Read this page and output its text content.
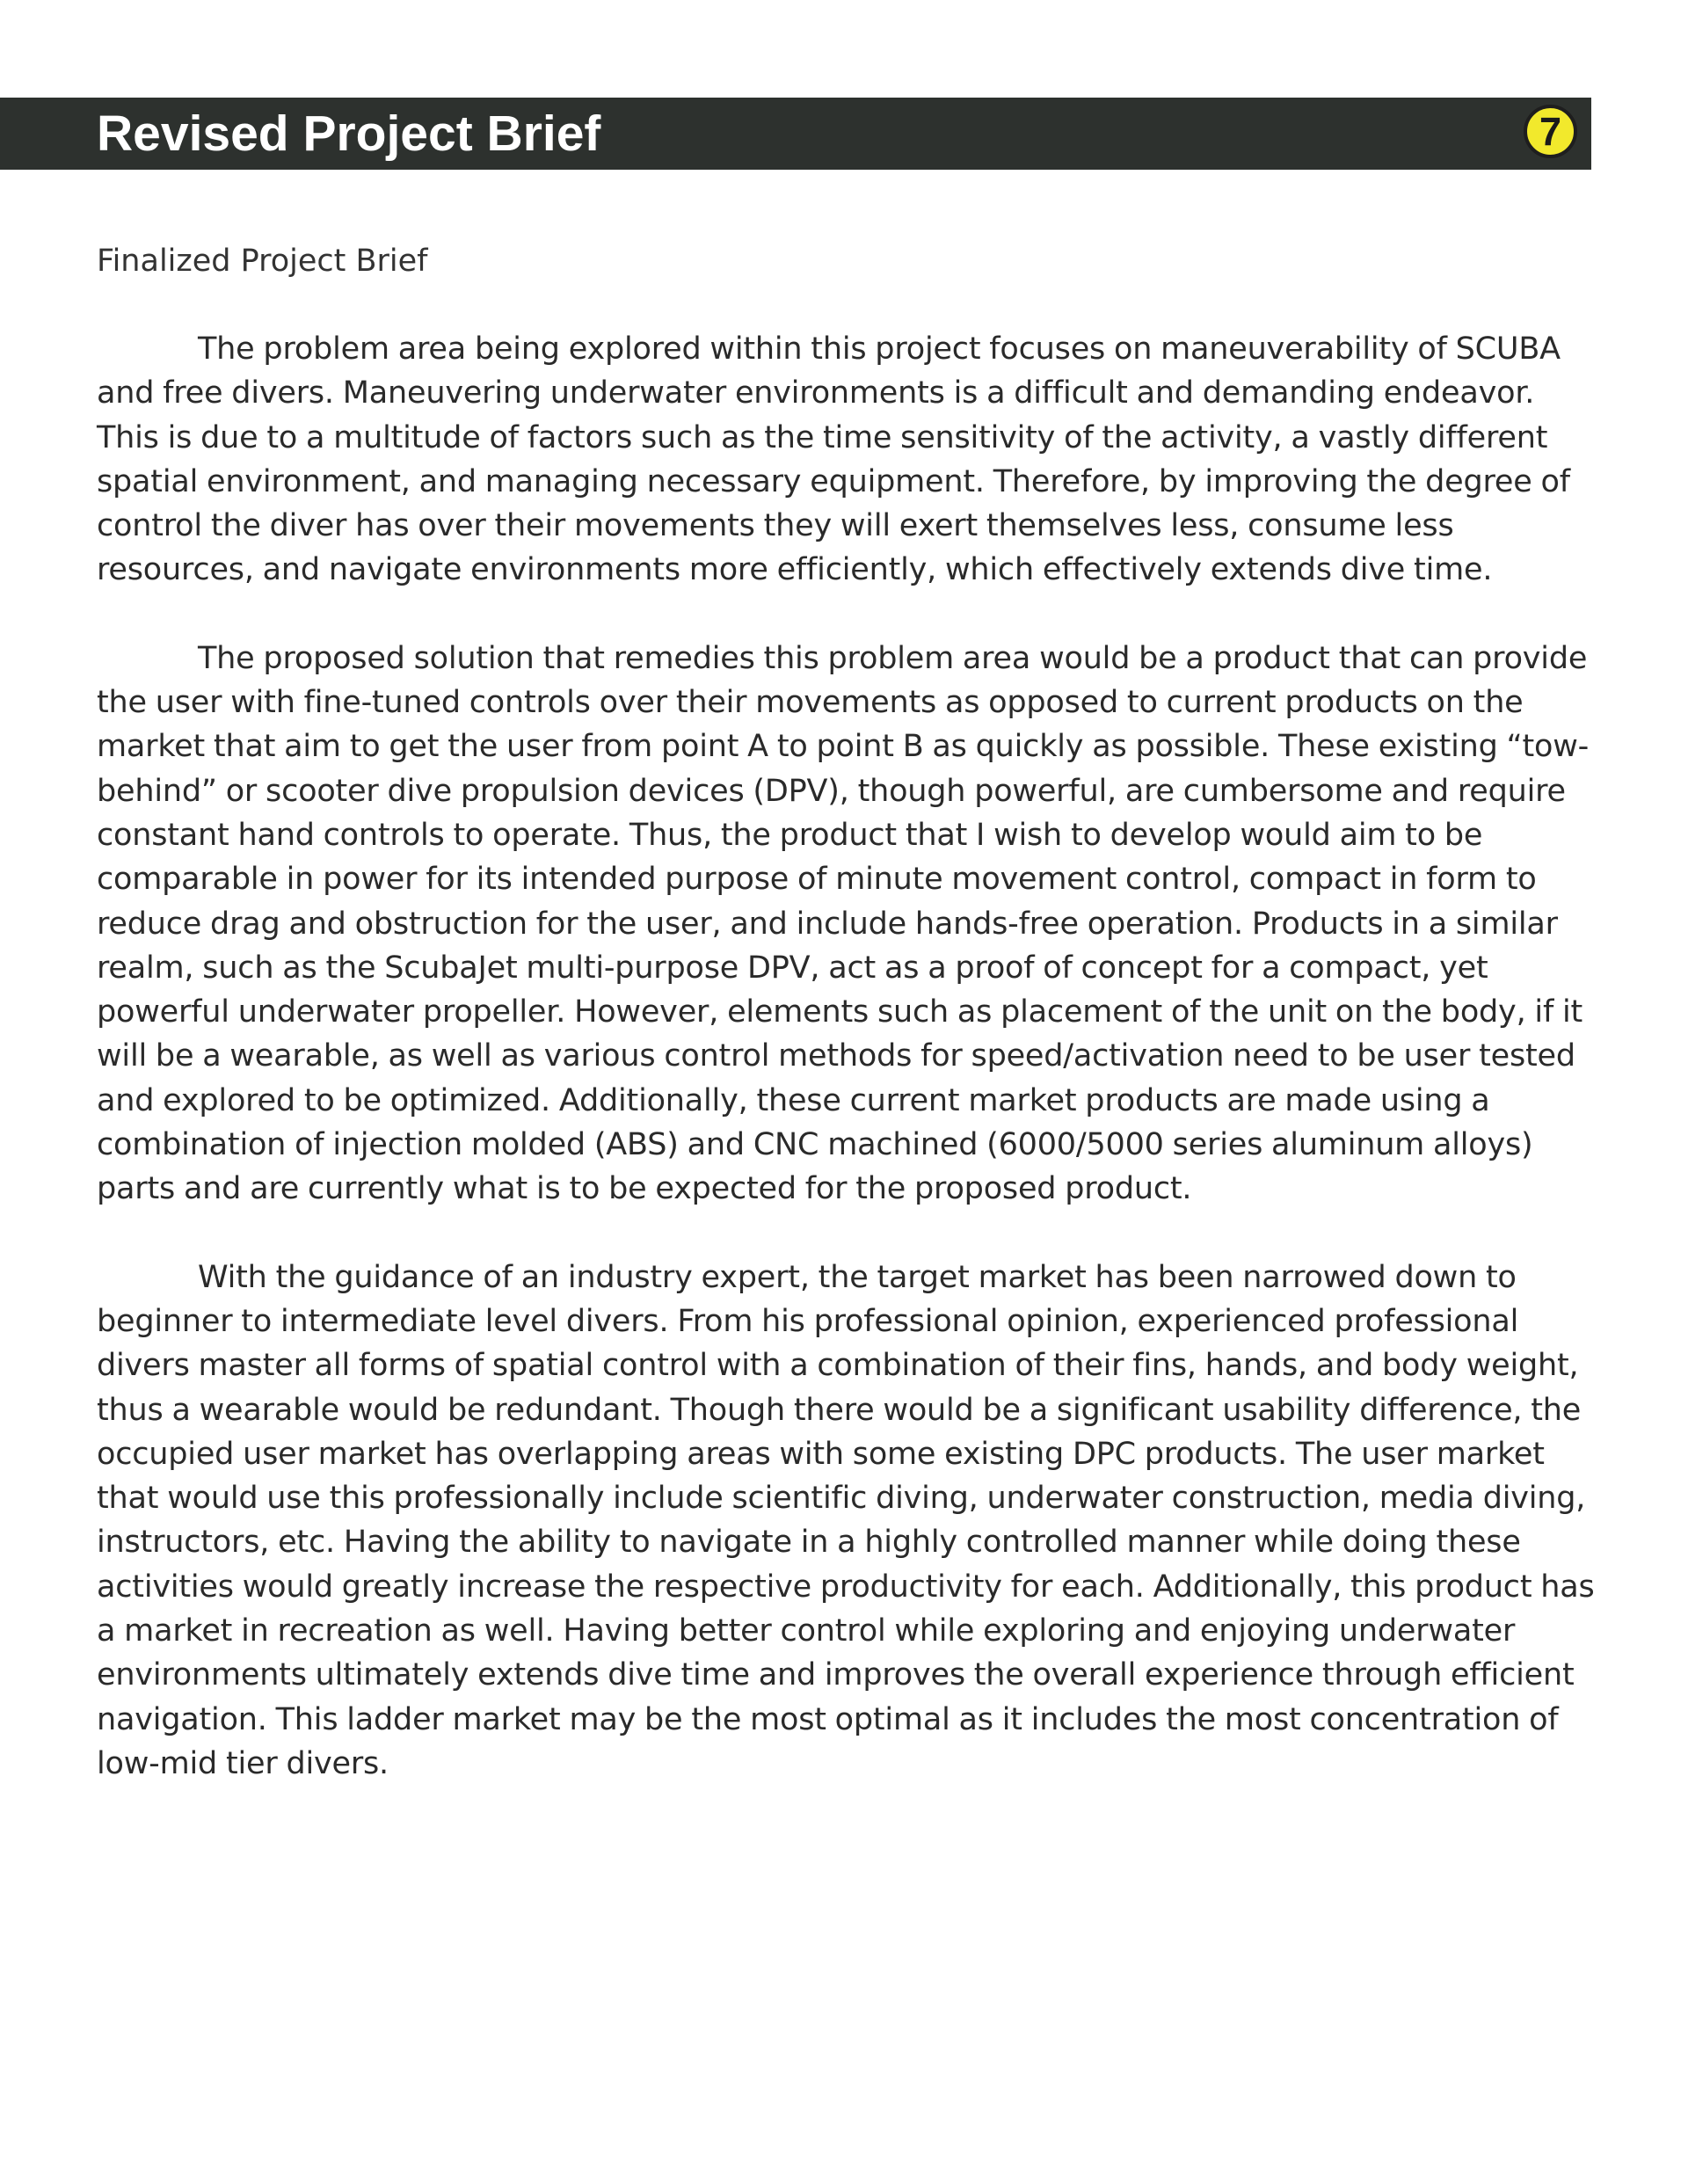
Revised Project Brief	7

Finalized Project Brief

The problem area being explored within this project focuses on maneuverability of SCUBA and free divers. Maneuvering underwater environments is a difficult and demanding endeavor. This is due to a multitude of factors such as the time sensitivity of the activity, a vastly different spatial environment, and managing necessary equipment. Therefore, by improving the degree of control the diver has over their movements they will exert themselves less, consume less resources, and navigate environments more efficiently, which effectively extends dive time.

The proposed solution that remedies this problem area would be a product that can provide the user with fine-tuned controls over their movements as opposed to current products on the market that aim to get the user from point A to point B as quickly as possible. These existing “tow-behind” or scooter dive propulsion devices (DPV), though powerful, are cumbersome and require constant hand controls to operate. Thus, the product that I wish to develop would aim to be comparable in power for its intended purpose of minute movement control, compact in form to reduce drag and obstruction for the user, and include hands-free operation. Products in a similar realm, such as the ScubaJet multi-purpose DPV, act as a proof of concept for a compact, yet powerful underwater propeller. However, elements such as placement of the unit on the body, if it will be a wearable, as well as various control methods for speed/activation need to be user tested and explored to be optimized. Additionally, these current market products are made using a combination of injection molded (ABS) and CNC machined (6000/5000 series aluminum alloys) parts and are currently what is to be expected for the proposed product.

With the guidance of an industry expert, the target market has been narrowed down to beginner to intermediate level divers. From his professional opinion, experienced professional divers master all forms of spatial control with a combination of their fins, hands, and body weight, thus a wearable would be redundant. Though there would be a significant usability difference, the occupied user market has overlapping areas with some existing DPC products. The user market that would use this professionally include scientific diving, underwater construction, media diving, instructors, etc. Having the ability to navigate in a highly controlled manner while doing these activities would greatly increase the respective productivity for each. Additionally, this product has a market in recreation as well. Having better control while exploring and enjoying underwater environments ultimately extends dive time and improves the overall experience through efficient navigation. This ladder market may be the most optimal as it includes the most concentration of low-mid tier divers.
